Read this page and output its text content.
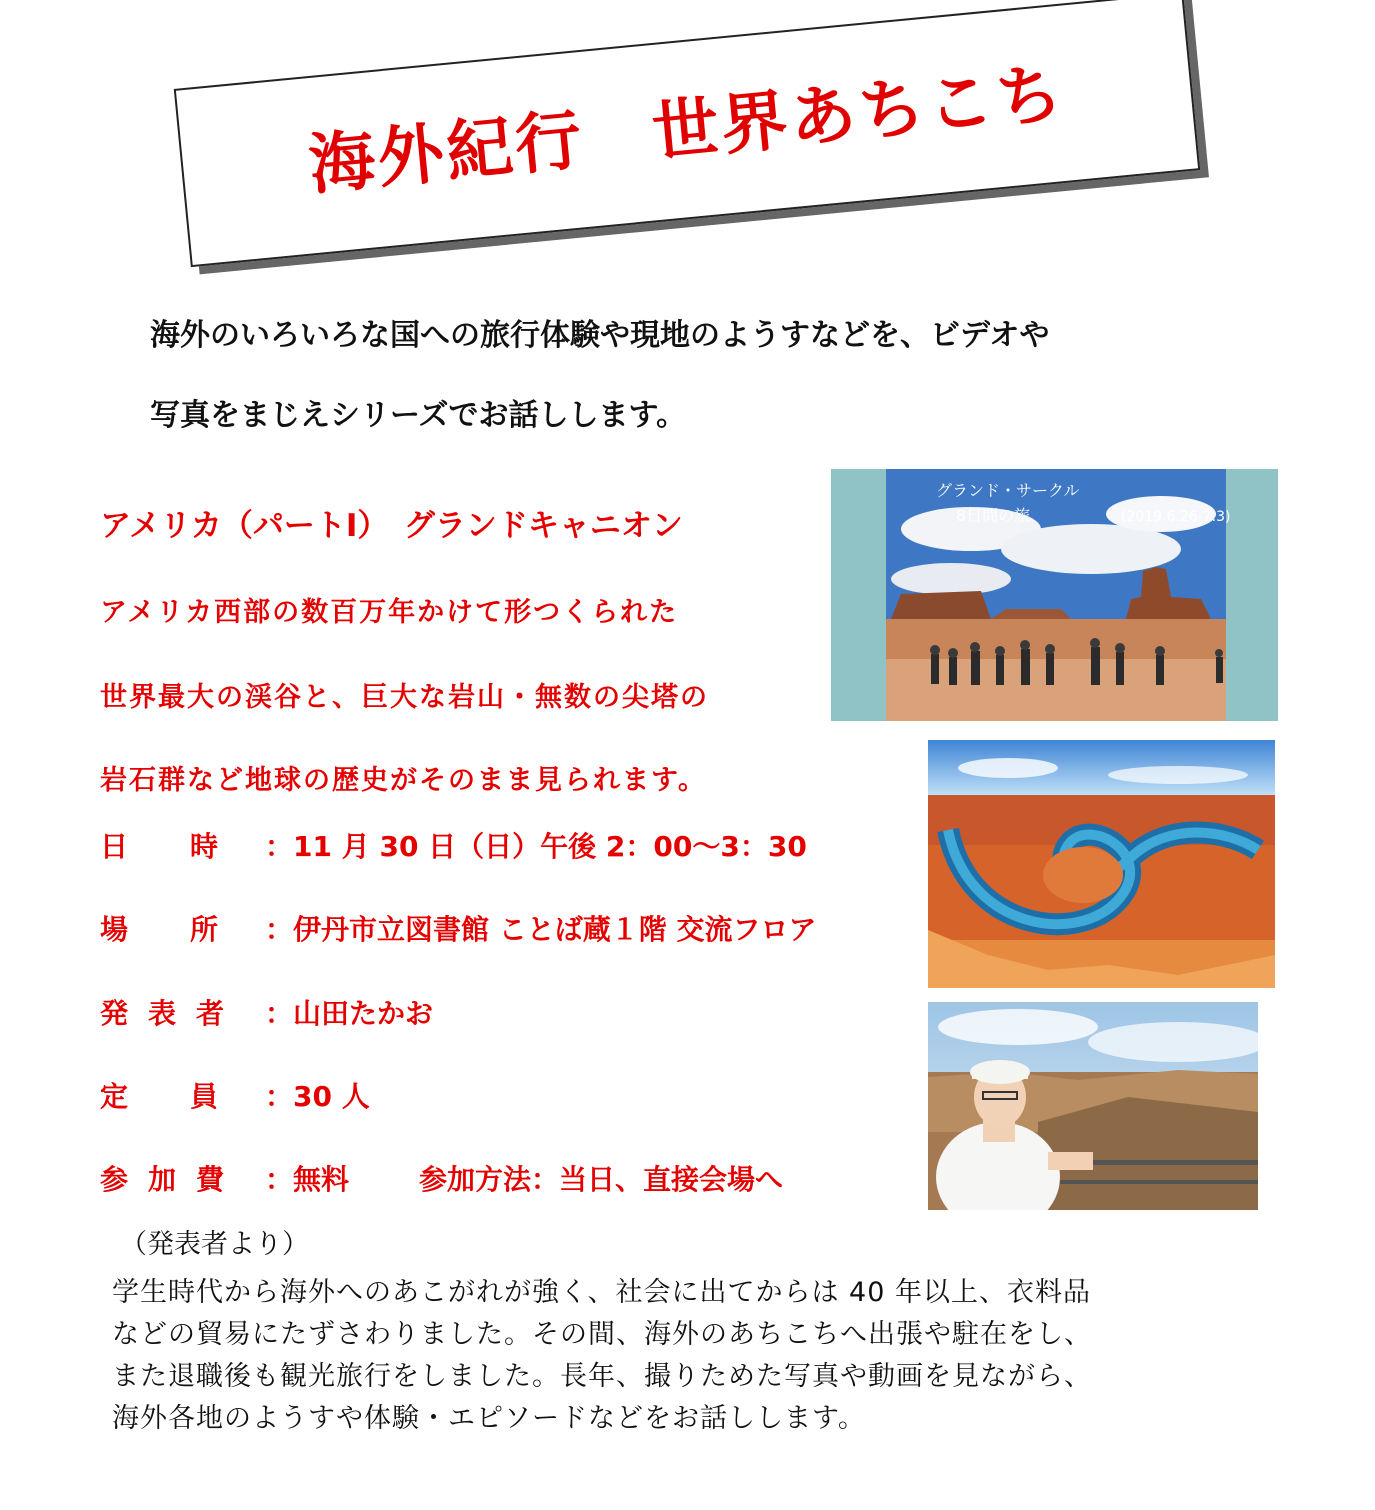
海外紀行　世界あちこち
海外のいろいろな国への旅行体験や現地のようすなどを、ビデオや
写真をまじえシリーズでお話しします。
アメリカ（パートⅠ）　グランドキャニオン
アメリカ西部の数百万年かけて形つくられた
世界最大の渓谷と、巨大な岩山・無数の尖塔の
岩石群など地球の歴史がそのまま見られます。
日　　時	：11 月 30 日（日）午後 2：00～3：30
場　　所	：伊丹市立図書館 ことば蔵１階 交流フロア
発表者 ：山田たかお
定　　員	：30 人
参加費 ：無料	参加方法 ：当日、直接会場へ
グランド・サークル
8日間の旅	(2019.6.26-7.3)
（発表者より）
学生時代から海外へのあこがれが強く、社会に出てからは 40 年以上、衣料品
などの貿易にたずさわりました。その間、海外のあちこちへ出張や駐在をし、
また退職後も観光旅行をしました。長年、撮りためた写真や動画を見ながら、
海外各地のようすや体験・エピソードなどをお話しします。
